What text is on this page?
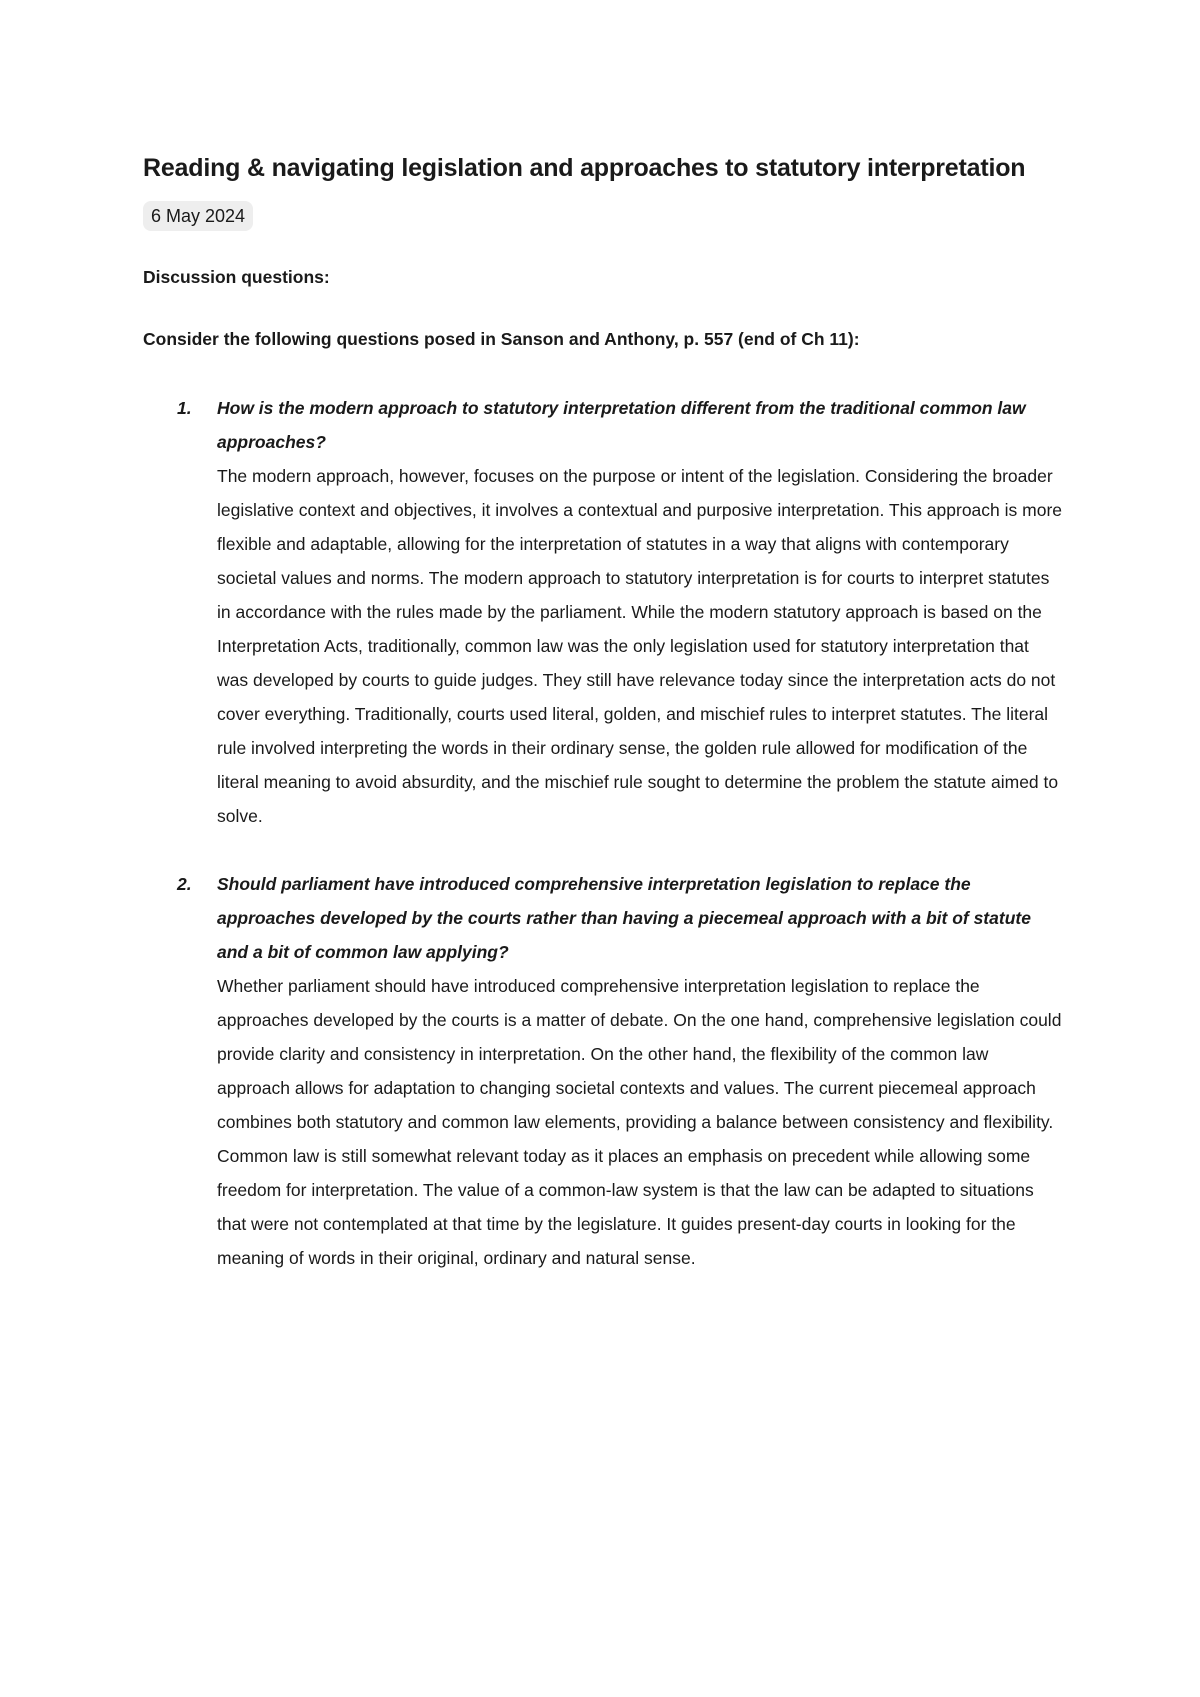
Reading & navigating legislation and approaches to statutory interpretation
6 May 2024

Discussion questions:

Consider the following questions posed in Sanson and Anthony, p. 557 (end of Ch 11):

1. How is the modern approach to statutory interpretation different from the traditional common law approaches?

The modern approach, however, focuses on the purpose or intent of the legislation. Considering the broader legislative context and objectives, it involves a contextual and purposive interpretation. This approach is more flexible and adaptable, allowing for the interpretation of statutes in a way that aligns with contemporary societal values and norms. The modern approach to statutory interpretation is for courts to interpret statutes in accordance with the rules made by the parliament. While the modern statutory approach is based on the Interpretation Acts, traditionally, common law was the only legislation used for statutory interpretation that was developed by courts to guide judges. They still have relevance today since the interpretation acts do not cover everything. Traditionally, courts used literal, golden, and mischief rules to interpret statutes. The literal rule involved interpreting the words in their ordinary sense, the golden rule allowed for modification of the literal meaning to avoid absurdity, and the mischief rule sought to determine the problem the statute aimed to solve.

2. Should parliament have introduced comprehensive interpretation legislation to replace the approaches developed by the courts rather than having a piecemeal approach with a bit of statute and a bit of common law applying?

Whether parliament should have introduced comprehensive interpretation legislation to replace the approaches developed by the courts is a matter of debate. On the one hand, comprehensive legislation could provide clarity and consistency in interpretation. On the other hand, the flexibility of the common law approach allows for adaptation to changing societal contexts and values. The current piecemeal approach combines both statutory and common law elements, providing a balance between consistency and flexibility. Common law is still somewhat relevant today as it places an emphasis on precedent while allowing some freedom for interpretation. The value of a common-law system is that the law can be adapted to situations that were not contemplated at that time by the legislature. It guides present-day courts in looking for the meaning of words in their original, ordinary and natural sense.
